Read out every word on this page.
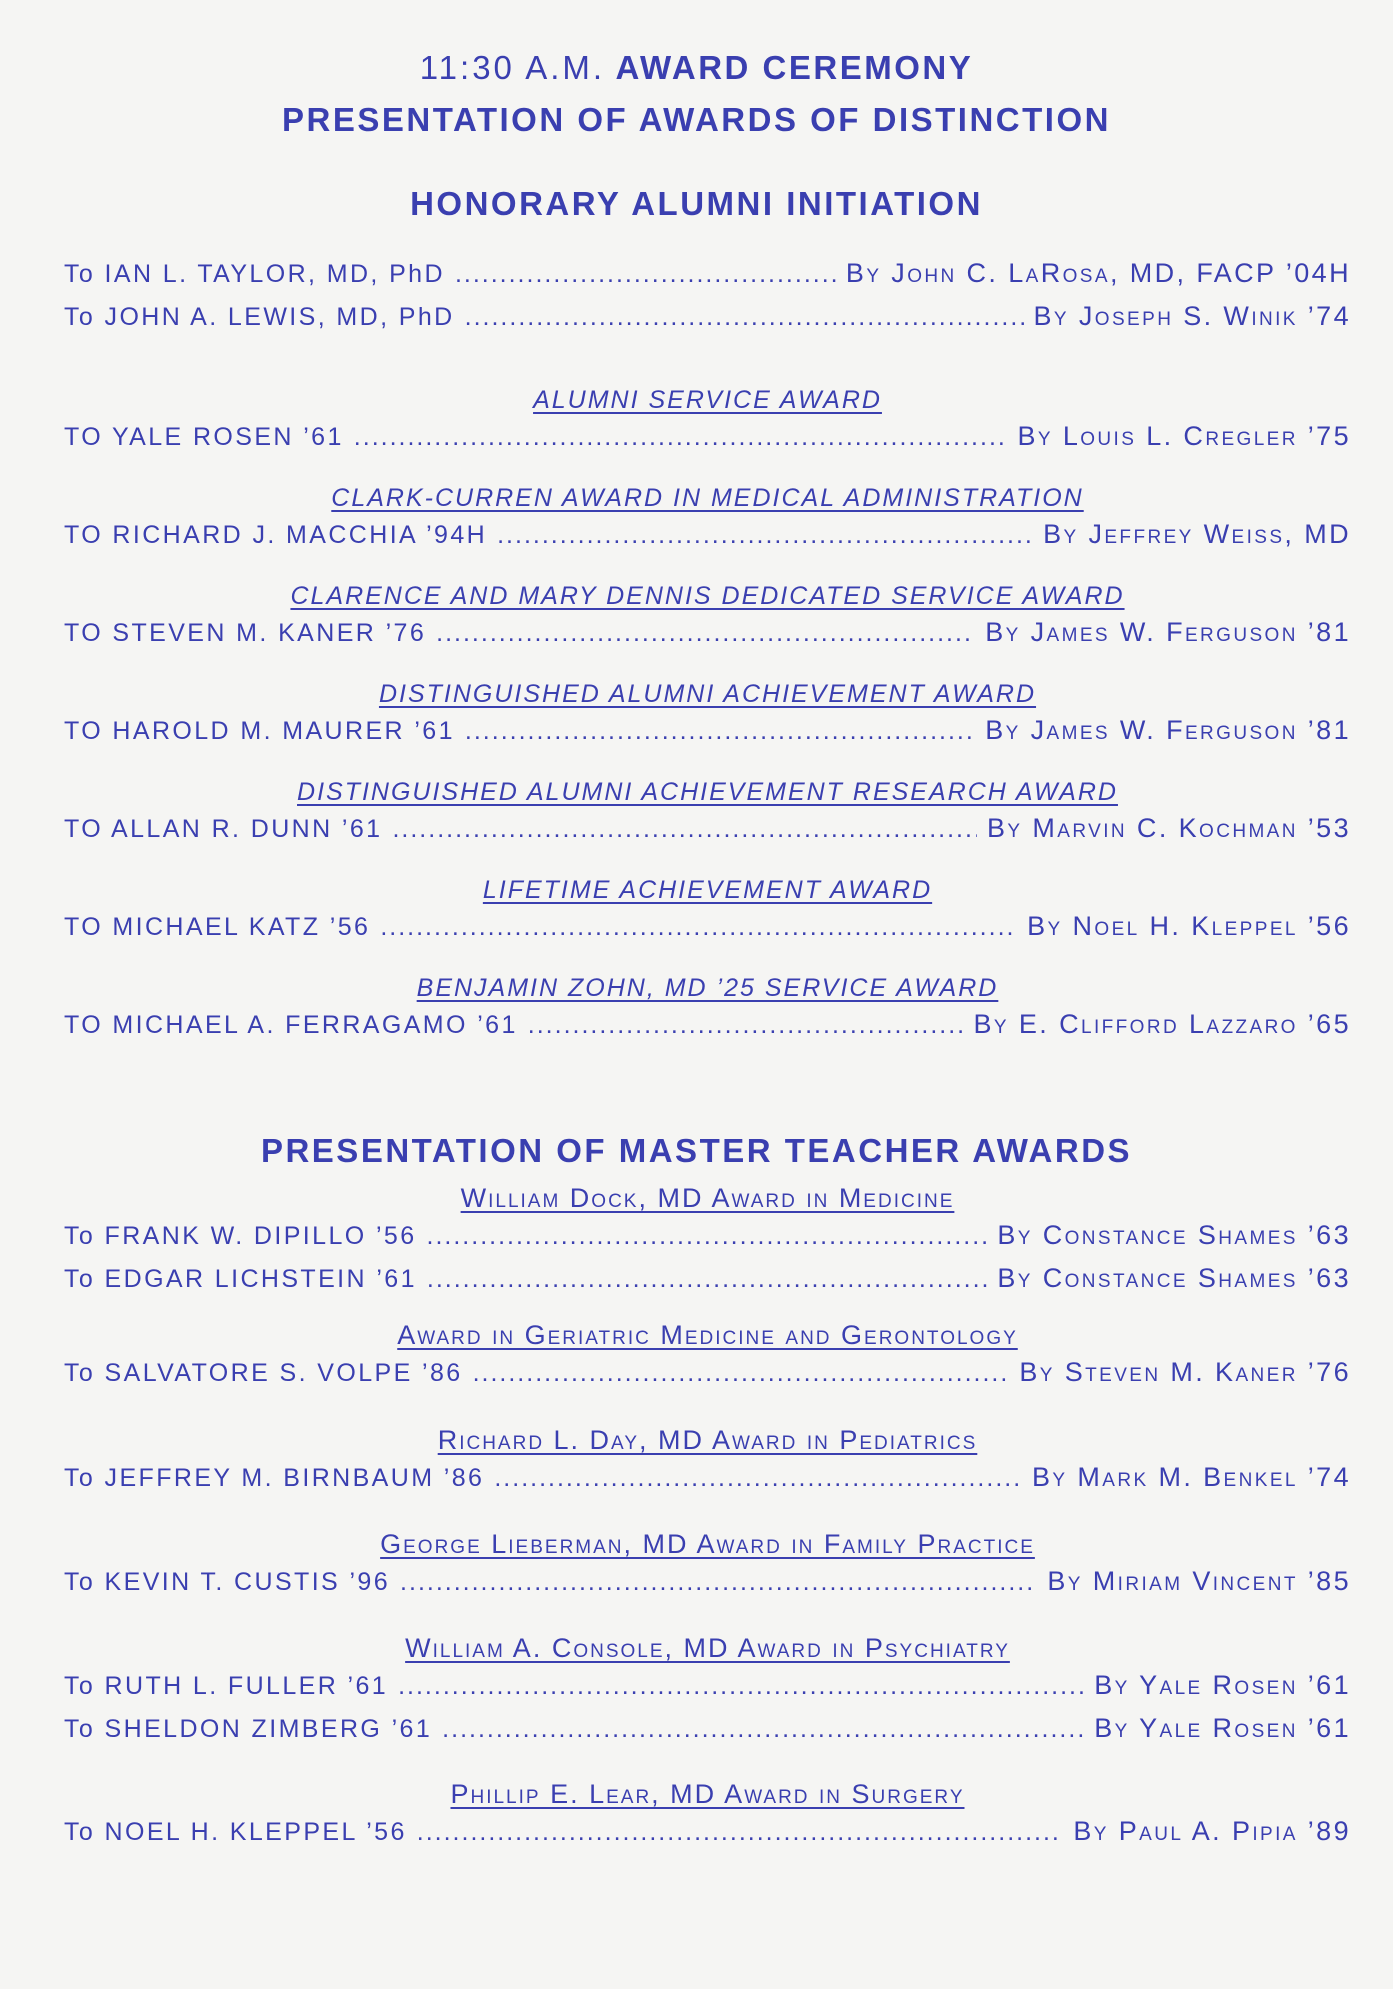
11:30 A.M. AWARD CEREMONY
PRESENTATION OF AWARDS OF DISTINCTION
HONORARY ALUMNI INITIATION
To IAN L. TAYLOR, MD, PhD .....	By John C. LaRosa, MD, FACP ’04H
To JOHN A. LEWIS, MD, PhD .....	By Joseph S. Winik ’74
ALUMNI SERVICE AWARD
TO YALE ROSEN ’61 .....	By Louis L. Cregler ’75
CLARK-CURREN AWARD IN MEDICAL ADMINISTRATION
TO RICHARD J. MACCHIA ’94H .....	By Jeffrey Weiss, MD
CLARENCE AND MARY DENNIS DEDICATED SERVICE AWARD
TO STEVEN M. KANER ’76 .....	By James W. Ferguson ’81
DISTINGUISHED ALUMNI ACHIEVEMENT AWARD
TO HAROLD M. MAURER ’61 .....	By James W. Ferguson ’81
DISTINGUISHED ALUMNI ACHIEVEMENT RESEARCH AWARD
TO ALLAN R. DUNN ’61 .....	By Marvin C. Kochman ’53
LIFETIME ACHIEVEMENT AWARD
TO MICHAEL KATZ ’56 .....	By Noel H. Kleppel ’56
BENJAMIN ZOHN, MD ’25 SERVICE AWARD
TO MICHAEL A. FERRAGAMO ’61 .....	By E. Clifford Lazzaro ’65
PRESENTATION OF MASTER TEACHER AWARDS
William Dock, MD Award in Medicine
To FRANK W. DIPILLO ’56 .....	By Constance Shames ’63
To EDGAR LICHSTEIN ’61 .....	By Constance Shames ’63
Award in Geriatric Medicine and Gerontology
To SALVATORE S. VOLPE ’86 .....	By Steven M. Kaner ’76
Richard L. Day, MD Award in Pediatrics
To JEFFREY M. BIRNBAUM ’86 .....	By Mark M. Benkel ’74
George Lieberman, MD Award in Family Practice
To KEVIN T. CUSTIS ’96 .....	By Miriam Vincent ’85
William A. Console, MD Award in Psychiatry
To RUTH L. FULLER ’61 .....	By Yale Rosen ’61
To SHELDON ZIMBERG ’61 .....	By Yale Rosen ’61
Phillip E. Lear, MD Award in Surgery
To NOEL H. KLEPPEL ’56 .....	By Paul A. Pipia ’89
